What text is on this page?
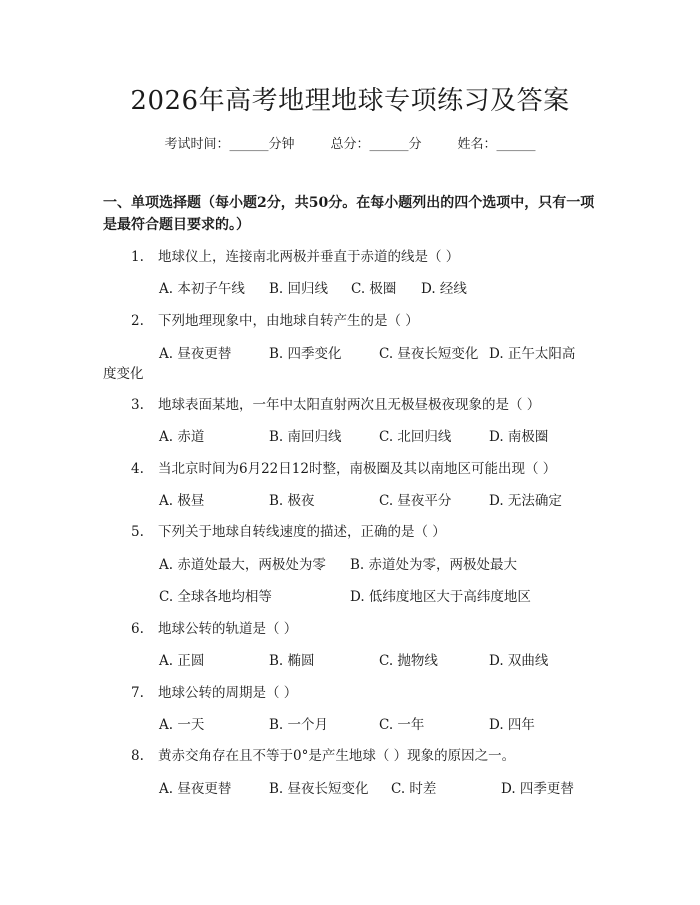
2026年高考地理地球专项练习及答案
考试时间：______分钟	总分：______分	姓名：______
一、单项选择题（每小题2分，共50分。在每小题列出的四个选项中，只有一项是最符合题目要求的。）
1. 地球仪上，连接南北两极并垂直于赤道的线是（ ）
A. 本初子午线 B. 回归线 C. 极圈 D. 经线
2. 下列地理现象中，由地球自转产生的是（ ）
A. 昼夜更替	B. 四季变化	C. 昼夜长短变化 D. 正午太阳高
度变化
3. 地球表面某地，一年中太阳直射两次且无极昼极夜现象的是（ ）
A. 赤道	B. 南回归线	C. 北回归线	D. 南极圈
4. 当北京时间为6月22日12时整，南极圈及其以南地区可能出现（ ）
A. 极昼	B. 极夜	C. 昼夜平分	D. 无法确定
5. 下列关于地球自转线速度的描述，正确的是（ ）
A. 赤道处最大，两极处为零 B. 赤道处为零，两极处最大
C. 全球各地均相等	D. 低纬度地区大于高纬度地区
6. 地球公转的轨道是（ ）
A. 正圆	B. 椭圆	C. 抛物线	D. 双曲线
7. 地球公转的周期是（ ）
A. 一天	B. 一个月	C. 一年	D. 四年
8. 黄赤交角存在且不等于0°是产生地球（ ）现象的原因之一。
A. 昼夜更替	B. 昼夜长短变化 C. 时差	D. 四季更替
